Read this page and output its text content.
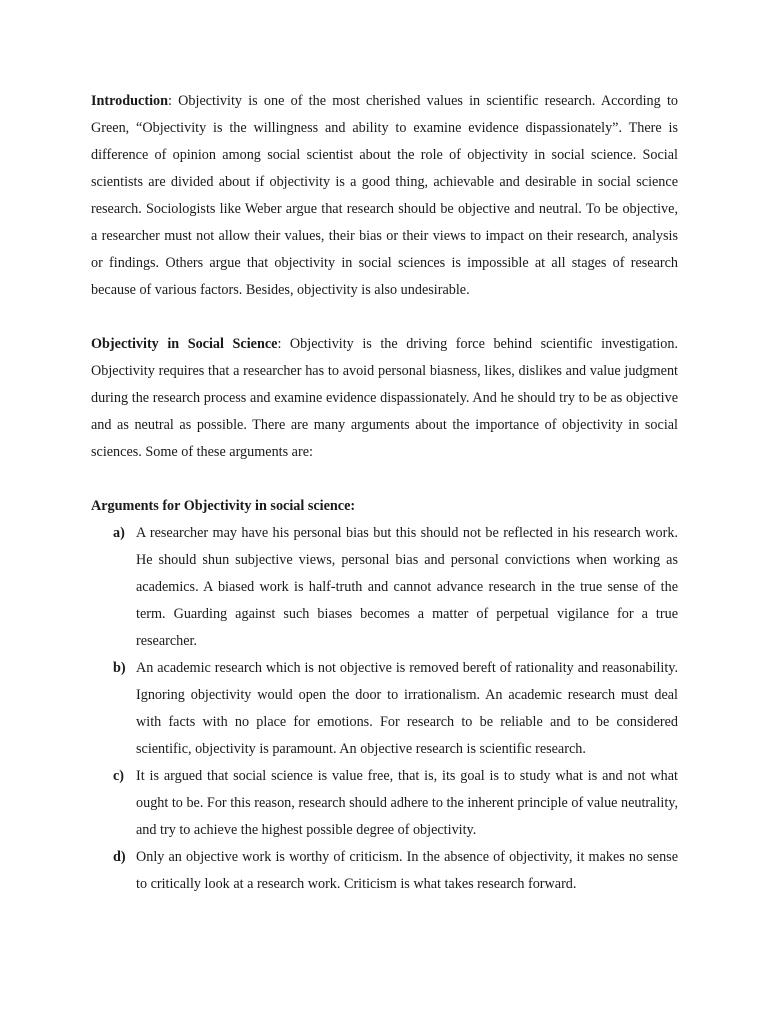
Introduction: Objectivity is one of the most cherished values in scientific research. According to Green, “Objectivity is the willingness and ability to examine evidence dispassionately”. There is difference of opinion among social scientist about the role of objectivity in social science. Social scientists are divided about if objectivity is a good thing, achievable and desirable in social science research. Sociologists like Weber argue that research should be objective and neutral. To be objective, a researcher must not allow their values, their bias or their views to impact on their research, analysis or findings. Others argue that objectivity in social sciences is impossible at all stages of research because of various factors. Besides, objectivity is also undesirable.

Objectivity in Social Science: Objectivity is the driving force behind scientific investigation. Objectivity requires that a researcher has to avoid personal biasness, likes, dislikes and value judgment during the research process and examine evidence dispassionately. And he should try to be as objective and as neutral as possible. There are many arguments about the importance of objectivity in social sciences. Some of these arguments are:

Arguments for Objectivity in social science:

a) A researcher may have his personal bias but this should not be reflected in his research work. He should shun subjective views, personal bias and personal convictions when working as academics. A biased work is half-truth and cannot advance research in the true sense of the term. Guarding against such biases becomes a matter of perpetual vigilance for a true researcher.
b) An academic research which is not objective is removed bereft of rationality and reasonability. Ignoring objectivity would open the door to irrationalism. An academic research must deal with facts with no place for emotions. For research to be reliable and to be considered scientific, objectivity is paramount. An objective research is scientific research.
c) It is argued that social science is value free, that is, its goal is to study what is and not what ought to be. For this reason, research should adhere to the inherent principle of value neutrality, and try to achieve the highest possible degree of objectivity.
d) Only an objective work is worthy of criticism. In the absence of objectivity, it makes no sense to critically look at a research work. Criticism is what takes research forward.
